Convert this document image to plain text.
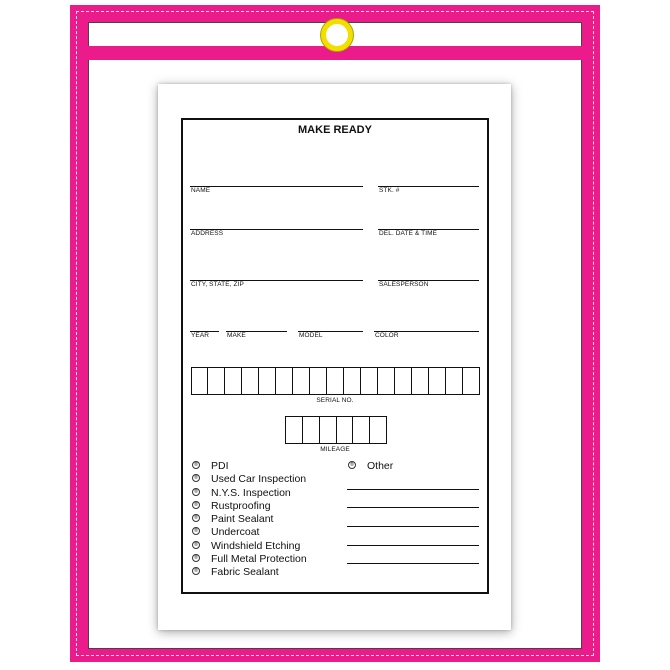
MAKE READY
NAME	STK. #
ADDRESS	DEL. DATE & TIME
CITY, STATE, ZIP	SALESPERSON
YEAR	MAKE	MODEL	COLOR
SERIAL NO.
MILEAGE
® PDI
® Used Car Inspection
® N.Y.S. Inspection
® Rustproofing
® Paint Sealant
® Undercoat
® Windshield Etching
® Full Metal Protection
® Fabric Sealant
® Other
